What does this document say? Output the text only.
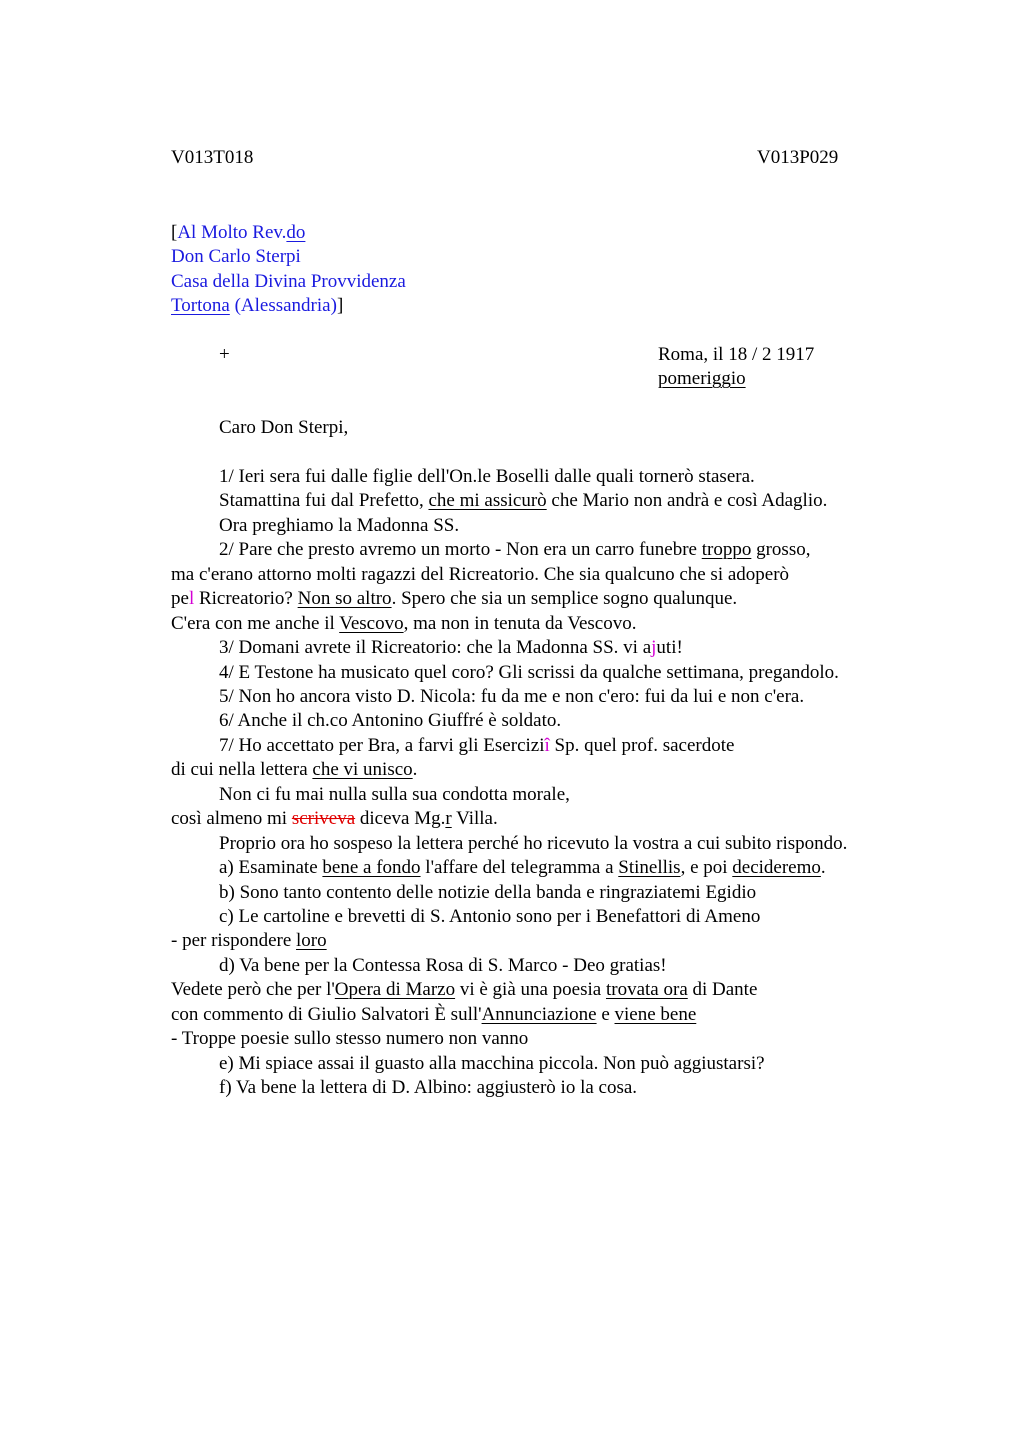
V013T018	V013P029
[Al Molto Rev.do
Don Carlo Sterpi
Casa della Divina Provvidenza
Tortona (Alessandria)]
+	Roma, il 18 / 2 1917
pomeriggio
Caro Don Sterpi,
1/ Ieri sera fui dalle figlie dell'On.le Boselli dalle quali tornerò stasera.
Stamattina fui dal Prefetto, che mi assicurò che Mario non andrà e così Adaglio.
Ora preghiamo la Madonna SS.
2/ Pare che presto avremo un morto - Non era un carro funebre troppo grosso,
ma c'erano attorno molti ragazzi del Ricreatorio. Che sia qualcuno che si adoperò
pel Ricreatorio? Non so altro. Spero che sia un semplice sogno qualunque.
C'era con me anche il Vescovo, ma non in tenuta da Vescovo.
3/ Domani avrete il Ricreatorio: che la Madonna SS. vi ajuti!
4/ E Testone ha musicato quel coro? Gli scrissi da qualche settimana, pregandolo.
5/ Non ho ancora visto D. Nicola: fu da me e non c'ero: fui da lui e non c'era.
6/ Anche il ch.co Antonino Giuffré è soldato.
7/ Ho accettato per Bra, a farvi gli Eserciziî Sp. quel prof. sacerdote
di cui nella lettera che vi unisco.
Non ci fu mai nulla sulla sua condotta morale,
così almeno mi scriveva diceva Mg.r Villa.
Proprio ora ho sospeso la lettera perché ho ricevuto la vostra a cui subito rispondo.
a) Esaminate bene a fondo l'affare del telegramma a Stinellis, e poi decideremo.
b) Sono tanto contento delle notizie della banda e ringraziatemi Egidio
c) Le cartoline e brevetti di S. Antonio sono per i Benefattori di Ameno
- per rispondere loro
d) Va bene per la Contessa Rosa di S. Marco - Deo gratias!
Vedete però che per l'Opera di Marzo vi è già una poesia trovata ora di Dante
con commento di Giulio Salvatori È sull'Annunciazione e viene bene
- Troppe poesie sullo stesso numero non vanno
e) Mi spiace assai il guasto alla macchina piccola. Non può aggiustarsi?
f) Va bene la lettera di D. Albino: aggiusterò io la cosa.
